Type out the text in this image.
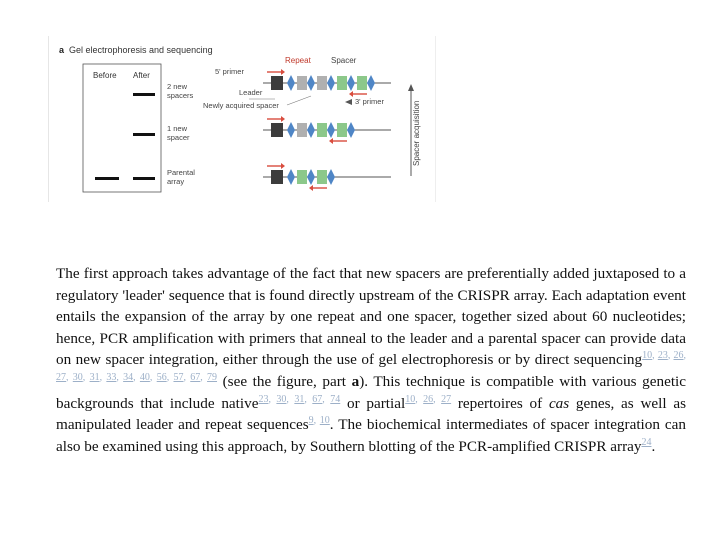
a Gel electrophoresis and sequencing
Before After
2 new spacers
1 new spacer
Parental array
Repeat	Spacer
5' primer
Leader
Newly acquired spacer	3' primer	Spacer acquisition

The first approach takes advantage of the fact that new spacers are preferentially added juxtaposed to a regulatory 'leader' sequence that is found directly upstream of the CRISPR array. Each adaptation event entails the expansion of the array by one repeat and one spacer, together sized about 60 nucleotides; hence, PCR amplification with primers that anneal to the leader and a parental spacer can provide data on new spacer integration, either through the use of gel electrophoresis or by direct sequencing$^{10, 23, 26, 27, 30, 31, 33, 34, 40, 56, 57, 67, 79}$ (see the figure, part a). This technique is compatible with various genetic backgrounds that include native$^{23, 30, 31, 67, 74}$ or partial$^{10, 26, 27}$ repertoires of cas genes, as well as manipulated leader and repeat sequences$^{9, 10}$. The biochemical intermediates of spacer integration can also be examined using this approach, by Southern blotting of the PCR-amplified CRISPR array$^{24}$.
